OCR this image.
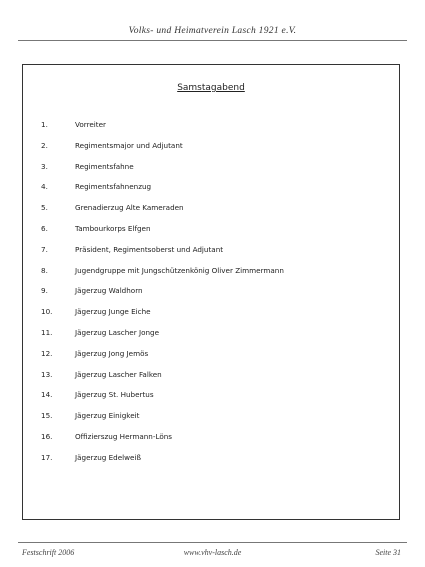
Volks- und Heimatverein Lasch 1921 e.V.
Samstagabend
1.	Vorreiter
2.	Regimentsmajor und Adjutant
3.	Regimentsfahne
4.	Regimentsfahnenzug
5.	Grenadierzug Alte Kameraden
6.	Tambourkorps Elfgen
7.	Präsident, Regimentsoberst und Adjutant
8.	Jugendgruppe mit Jungschützenkönig Oliver Zimmermann
9.	Jägerzug Waldhorn
10.	Jägerzug Junge Eiche
11.	Jägerzug Lascher Jonge
12.	Jägerzug Jong Jemös
13.	Jägerzug Lascher Falken
14.	Jägerzug St. Hubertus
15.	Jägerzug Einigkeit
16.	Offizierszug Hermann-Löns
17.	Jägerzug Edelweiß
Festschrift 2006	www.vhv-lasch.de	Seite 31
